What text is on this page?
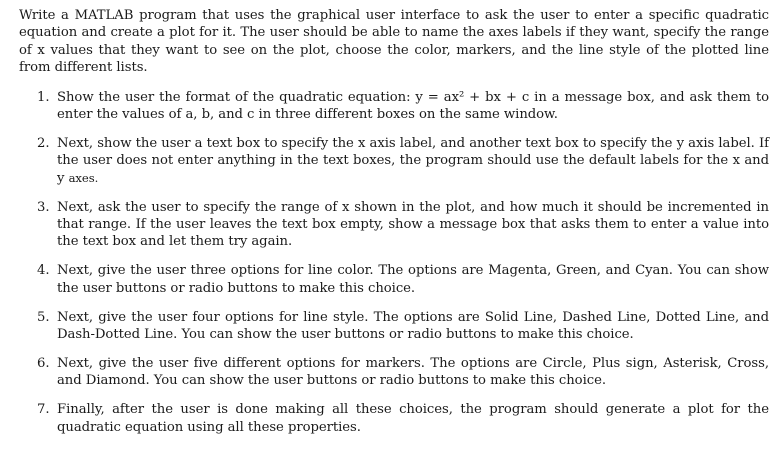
Write a MATLAB program that uses the graphical user interface to ask the user to enter a specific quadratic equation and create a plot for it. The user should be able to name the axes labels if they want, specify the range of x values that they want to see on the plot, choose the color, markers, and the line style of the plotted line from different lists.

1. Show the user the format of the quadratic equation: y = ax² + bx + c in a message box, and ask them to enter the values of a, b, and c in three different boxes on the same window.
2. Next, show the user a text box to specify the x axis label, and another text box to specify the y axis label. If the user does not enter anything in the text boxes, the program should use the default labels for the x and y axes.
3. Next, ask the user to specify the range of x shown in the plot, and how much it should be incremented in that range. If the user leaves the text box empty, show a message box that asks them to enter a value into the text box and let them try again.
4. Next, give the user three options for line color. The options are Magenta, Green, and Cyan. You can show the user buttons or radio buttons to make this choice.
5. Next, give the user four options for line style. The options are Solid Line, Dashed Line, Dotted Line, and Dash-Dotted Line. You can show the user buttons or radio buttons to make this choice.
6. Next, give the user five different options for markers. The options are Circle, Plus sign, Asterisk, Cross, and Diamond. You can show the user buttons or radio buttons to make this choice.
7. Finally, after the user is done making all these choices, the program should generate a plot for the quadratic equation using all these properties.
